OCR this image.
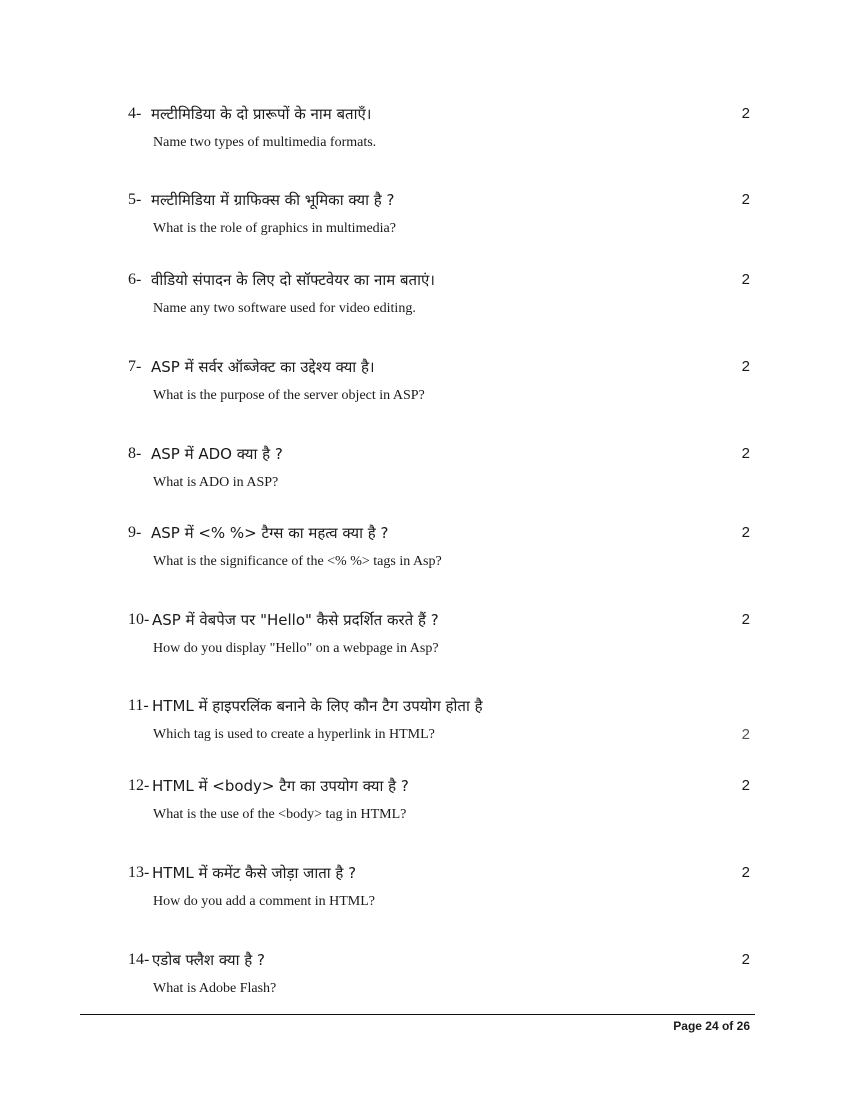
4- मल्टीमिडिया के दो प्रारूपों के नाम बताएँ।	2
Name two types of multimedia formats.
5- मल्टीमिडिया में ग्राफिक्स की भूमिका क्या है ?	2
What is the role of graphics in multimedia?
6- वीडियो संपादन के लिए दो सॉफ्टवेयर का नाम बताएं।	2
Name any two software used for video editing.
7- ASP में सर्वर ऑब्जेक्ट का उद्देश्य क्या है।	2
What is the purpose of the server object in ASP?
8- ASP में ADO क्या है ?	2
What is ADO in ASP?
9- ASP में <% %> टैग्स का महत्व क्या है ?	2
What is the significance of the <% %> tags in Asp?
10- ASP में वेबपेज पर "Hello" कैसे प्रदर्शित करते हैं ?	2
How do you display "Hello" on a webpage in Asp?
11- HTML में हाइपरलिंक बनाने के लिए कौन टैग उपयोग होता है
Which tag is used to create a hyperlink in HTML?	2
12- HTML में <body> टैग का उपयोग क्या है ?	2
What is the use of the <body> tag in HTML?
13- HTML में कमेंट कैसे जोड़ा जाता है ?	2
How do you add a comment in HTML?
14- एडोब फ्लैश क्या है ?	2
What is Adobe Flash?
Page 24 of 26
